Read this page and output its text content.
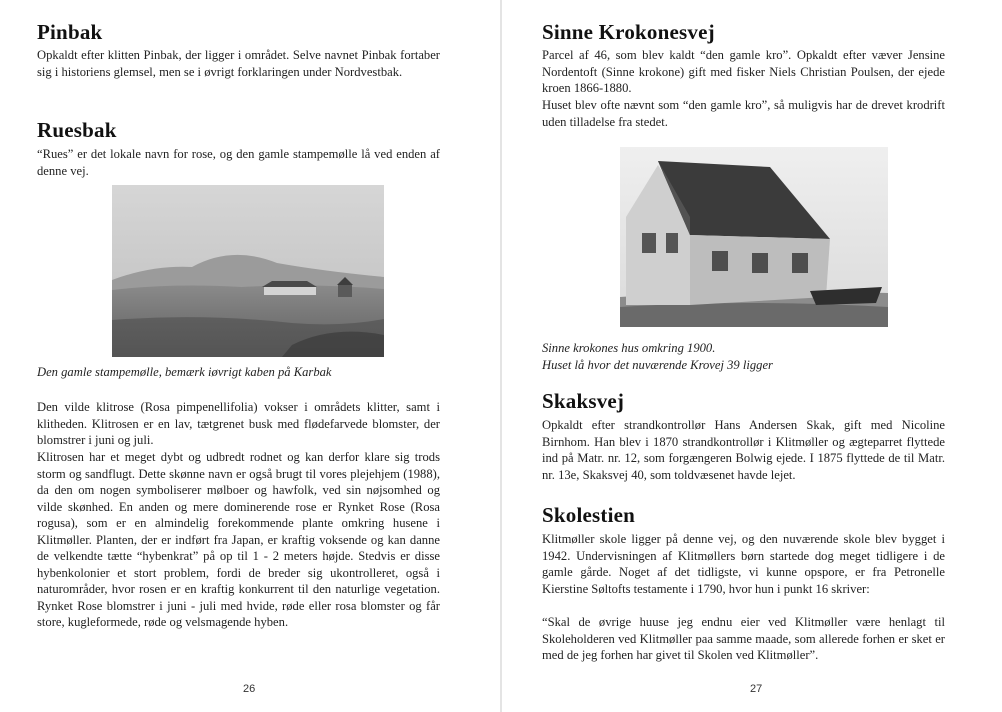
Pinbak

Opkaldt efter klitten Pinbak, der ligger i området. Selve navnet Pinbak fortaber sig i historiens glemsel, men se i øvrigt forklaringen under Nordvestbak.

Ruesbak

“Rues” er det lokale navn for rose, og den gamle stampemølle lå ved enden af denne vej.

Den gamle stampemølle, bemærk iøvrigt kaben på Karbak

Den vilde klitrose (Rosa pimpenellifolia) vokser i områdets klitter, samt i klitheden. Klitrosen er en lav, tætgrenet busk med flødefarvede blomster, der blomstrer i juni og juli.

Klitrosen har et meget dybt og udbredt rodnet og kan derfor klare sig trods storm og sandflugt. Dette skønne navn er også brugt til vores plejehjem (1988), da den om nogen symboliserer mølboer og hawfolk, ved sin nøjsomhed og vilde skønhed. En anden og mere dominerende rose er Rynket Rose (Rosa rogusa), som er en almindelig forekommende plante omkring husene i Klitmøller. Planten, der er indført fra Japan, er kraftig voksende og kan danne de velkendte tætte “hybenkrat” på op til 1 - 2 meters højde. Stedvis er disse hybenkolonier et stort problem, fordi de breder sig ukontrolleret, også i naturområder, hvor rosen er en kraftig konkurrent til den naturlige vegetation. Rynket Rose blomstrer i juni - juli med hvide, røde eller rosa blomster og får store, kugleformede, røde og velsmagende hyben.

26
Sinne Krokonesvej

Parcel af 46, som blev kaldt “den gamle kro”. Opkaldt efter væver Jensine Nordentoft (Sinne krokone) gift med fisker Niels Christian Poulsen, der ejede kroen 1866-1880.

Huset blev ofte nævnt som “den gamle kro”, så muligvis har de drevet krodrift uden tilladelse fra stedet.

Sinne krokones hus omkring 1900.

Huset lå hvor det nuværende Krovej 39 ligger

Skaksvej

Opkaldt efter strandkontrollør Hans Andersen Skak, gift med Nicoline Birnhom. Han blev i 1870 strandkontrollør i Klitmøller og ægteparret flyttede ind på Matr. nr. 12, som forgængeren Bolwig ejede. I 1875 flyttede de til Matr. nr. 13e, Skaksvej 40, som toldvæsenet havde lejet.

Skolestien

Klitmøller skole ligger på denne vej, og den nuværende skole blev bygget i 1942. Undervisningen af Klitmøllers børn startede dog meget tidligere i de gamle gårde. Noget af det tidligste, vi kunne opspore, er fra Petronelle Kierstine Søltofts testamente i 1790, hvor hun i punkt 16 skriver:

“Skal de øvrige huuse jeg endnu eier ved Klitmøller være henlagt til Skoleholderen ved Klitmøller paa samme maade, som allerede forhen er sket er med de jeg forhen har givet til Skolen ved Klitmøller”.

27
